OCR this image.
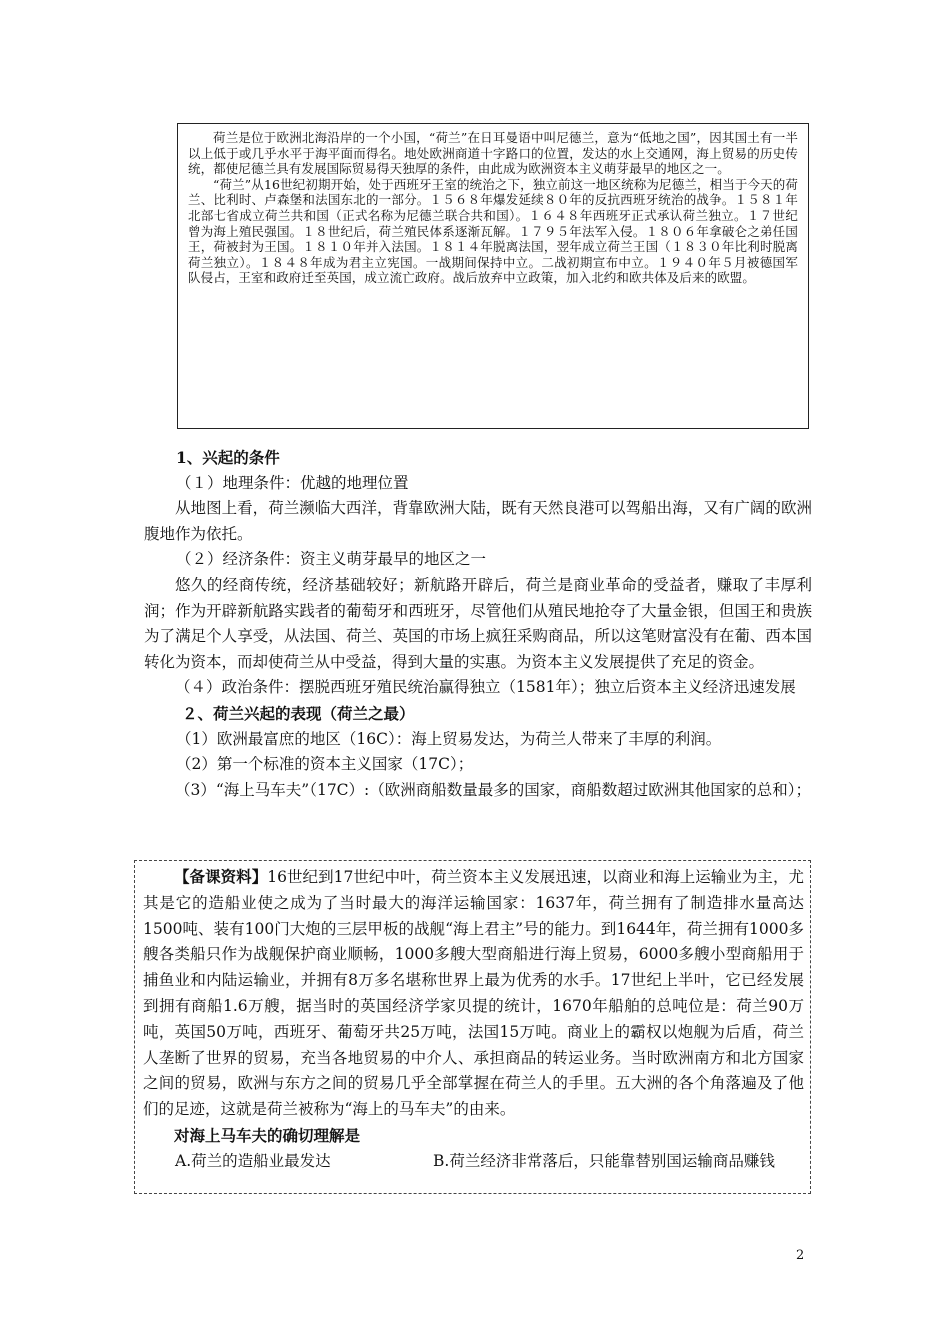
荷兰是位于欧洲北海沿岸的一个小国，“荷兰”在日耳曼语中叫尼德兰，意为“低地之国”，因其国土有一半以上低于或几乎水平于海平面而得名。地处欧洲商道十字路口的位置，发达的水上交通网，海上贸易的历史传统，都使尼德兰具有发展国际贸易得天独厚的条件，由此成为欧洲资本主义萌芽最早的地区之一。

“荷兰”从16世纪初期开始，处于西班牙王室的统治之下，独立前这一地区统称为尼德兰，相当于今天的荷兰、比利时、卢森堡和法国东北的一部分。１５６８年爆发延续８０年的反抗西班牙统治的战争。１５８１年北部七省成立荷兰共和国（正式名称为尼德兰联合共和国）。１６４８年西班牙正式承认荷兰独立。１７世纪曾为海上殖民强国。１８世纪后，荷兰殖民体系逐渐瓦解。１７９５年法军入侵。１８０６年拿破仑之弟任国王，荷被封为王国。１８１０年并入法国。１８１４年脱离法国，翌年成立荷兰王国（１８３０年比利时脱离荷兰独立）。１８４８年成为君主立宪国。一战期间保持中立。二战初期宣布中立。１９４０年５月被德国军队侵占，王室和政府迁至英国，成立流亡政府。战后放弃中立政策，加入北约和欧共体及后来的欧盟。

1、兴起的条件

（１）地理条件：优越的地理位置

从地图上看，荷兰濒临大西洋，背靠欧洲大陆，既有天然良港可以驾船出海，又有广阔的欧洲腹地作为依托。

（２）经济条件：资主义萌芽最早的地区之一

悠久的经商传统，经济基础较好；新航路开辟后，荷兰是商业革命的受益者，赚取了丰厚利润；作为开辟新航路实践者的葡萄牙和西班牙，尽管他们从殖民地抢夺了大量金银，但国王和贵族为了满足个人享受，从法国、荷兰、英国的市场上疯狂采购商品，所以这笔财富没有在葡、西本国转化为资本，而却使荷兰从中受益，得到大量的实惠。为资本主义发展提供了充足的资金。

（４）政治条件：摆脱西班牙殖民统治赢得独立（1581年）；独立后资本主义经济迅速发展

２、荷兰兴起的表现（荷兰之最）

（1）欧洲最富庶的地区（16C）：海上贸易发达，为荷兰人带来了丰厚的利润。

（2）第一个标准的资本主义国家（17C）；

（3）“海上马车夫”（17C）:（欧洲商船数量最多的国家，商船数超过欧洲其他国家的总和）；

【备课资料】16世纪到17世纪中叶，荷兰资本主义发展迅速，以商业和海上运输业为主，尤其是它的造船业使之成为了当时最大的海洋运输国家：1637年，荷兰拥有了制造排水量高达1500吨、装有100门大炮的三层甲板的战舰“海上君主”号的能力。到1644年，荷兰拥有1000多艘各类船只作为战舰保护商业顺畅，1000多艘大型商船进行海上贸易，6000多艘小型商船用于捕鱼业和内陆运输业，并拥有8万多名堪称世界上最为优秀的水手。17世纪上半叶，它已经发展到拥有商船1.6万艘，据当时的英国经济学家贝提的统计，1670年船舶的总吨位是：荷兰90万吨，英国50万吨，西班牙、葡萄牙共25万吨，法国15万吨。商业上的霸权以炮舰为后盾，荷兰人垄断了世界的贸易，充当各地贸易的中介人、承担商品的转运业务。当时欧洲南方和北方国家之间的贸易，欧洲与东方之间的贸易几乎全部掌握在荷兰人的手里。五大洲的各个角落遍及了他们的足迹，这就是荷兰被称为“海上的马车夫”的由来。

对海上马车夫的确切理解是

A.荷兰的造船业最发达	B.荷兰经济非常落后，只能靠替别国运输商品赚钱

2
